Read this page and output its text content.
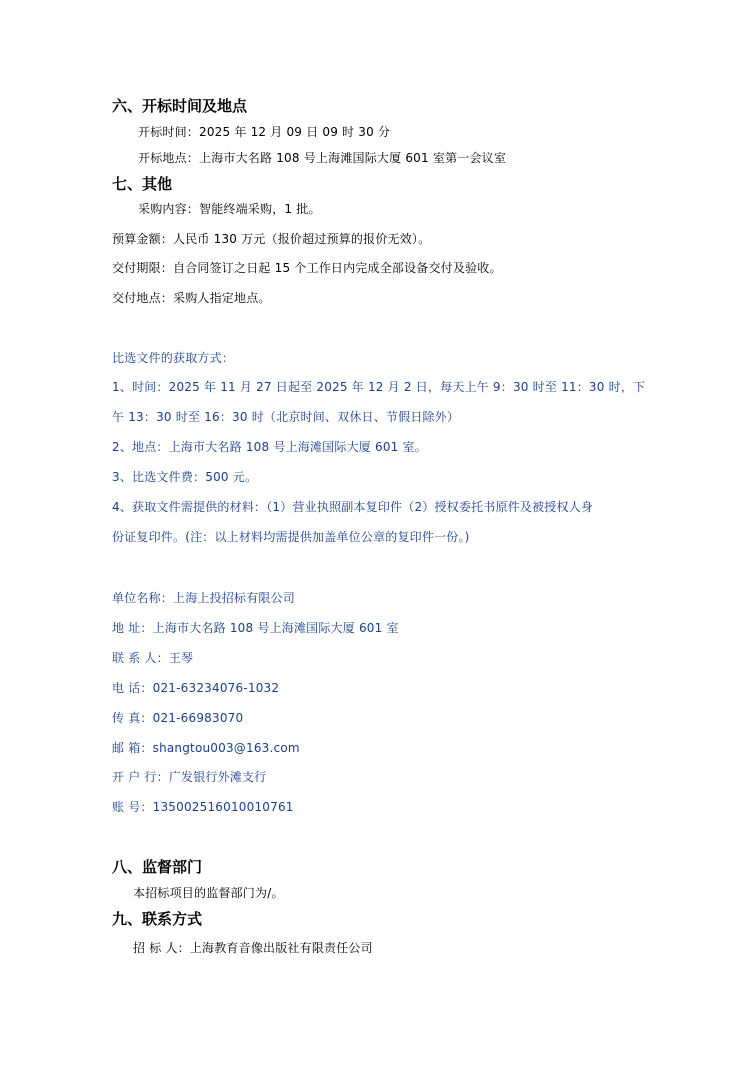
六、开标时间及地点
开标时间：2025 年 12 月 09 日 09 时 30 分
开标地点：上海市大名路 108 号上海滩国际大厦 601 室第一会议室
七、其他
采购内容：智能终端采购，1 批。
预算金额：人民币 130 万元（报价超过预算的报价无效）。
交付期限：自合同签订之日起 15 个工作日内完成全部设备交付及验收。
交付地点：采购人指定地点。
比选文件的获取方式：
1、时间：2025 年 11 月 27 日起至 2025 年 12 月 2 日，每天上午 9：30 时至 11：30 时，下
午 13：30 时至 16：30 时（北京时间、双休日、节假日除外）
2、地点：上海市大名路 108 号上海滩国际大厦 601 室。
3、比选文件费：500 元。
4、获取文件需提供的材料：（1）营业执照副本复印件（2）授权委托书原件及被授权人身
份证复印件。(注：以上材料均需提供加盖单位公章的复印件一份。)
单位名称：上海上投招标有限公司
地 址：上海市大名路 108 号上海滩国际大厦 601 室
联 系 人：王琴
电 话：021-63234076-1032
传 真：021-66983070
邮 箱：shangtou003@163.com
开 户 行：广发银行外滩支行
账 号：135002516010010761
八、监督部门
本招标项目的监督部门为/。
九、联系方式
招 标 人：上海教育音像出版社有限责任公司
